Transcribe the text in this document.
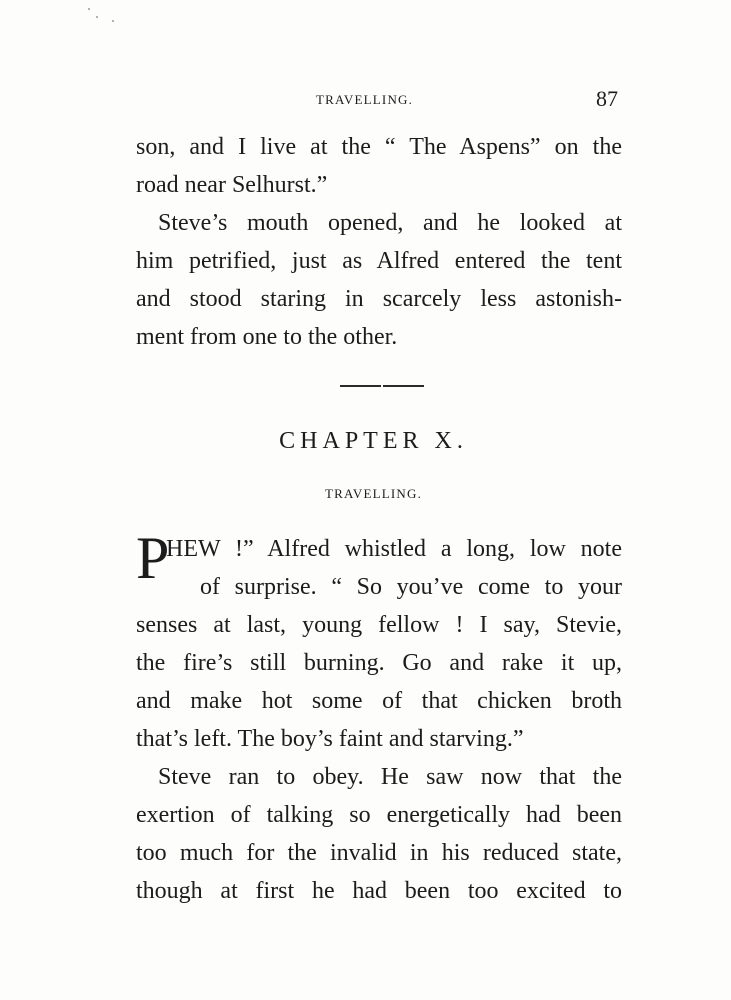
TRAVELLING.	87
son, and I live at the “ The Aspens” on the
road near Selhurst.”
Steve’s mouth opened, and he looked at
him petrified, just as Alfred entered the tent
and stood staring in scarcely less astonish-
ment from one to the other.
CHAPTER X.
TRAVELLING.
P
HEW !” Alfred whistled a long, low note
of surprise. “ So you’ve come to your
senses at last, young fellow ! I say, Stevie,
the fire’s still burning. Go and rake it up,
and make hot some of that chicken broth
that’s left. The boy’s faint and starving.”
Steve ran to obey. He saw now that the
exertion of talking so energetically had been
too much for the invalid in his reduced state,
though at first he had been too excited to
